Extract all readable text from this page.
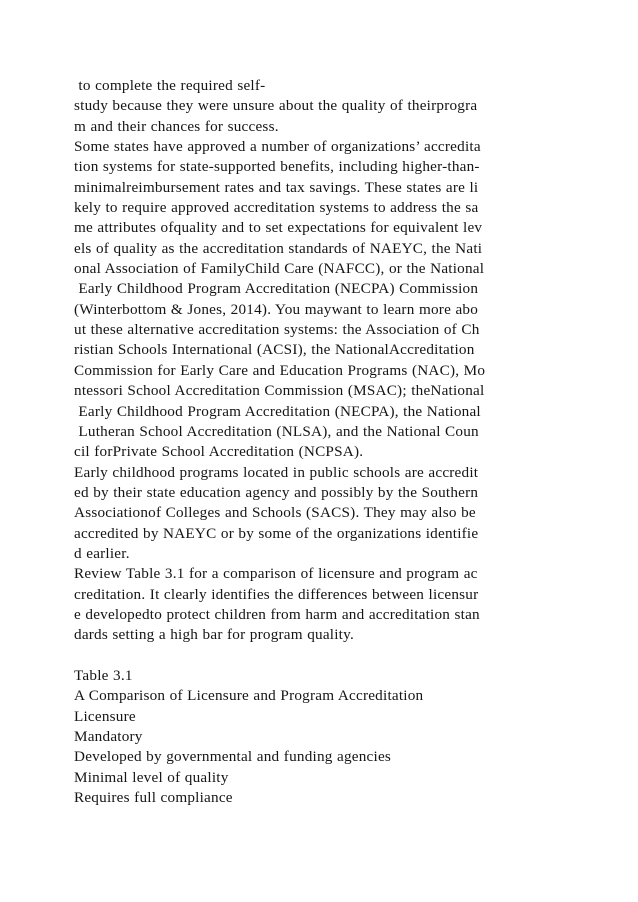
to complete the required self-
study because they were unsure about the quality of theirprogra
m and their chances for success.
Some states have approved a number of organizations’ accredita
tion systems for state-supported benefits, including higher-than-
minimalreimbursement rates and tax savings. These states are li
kely to require approved accreditation systems to address the sa
me attributes ofquality and to set expectations for equivalent lev
els of quality as the accreditation standards of NAEYC, the Nati
onal Association of FamilyChild Care (NAFCC), or the National
Early Childhood Program Accreditation (NECPA) Commission
(Winterbottom & Jones, 2014). You maywant to learn more abo
ut these alternative accreditation systems: the Association of Ch
ristian Schools International (ACSI), the NationalAccreditation
Commission for Early Care and Education Programs (NAC), Mo
ntessori School Accreditation Commission (MSAC); theNational
Early Childhood Program Accreditation (NECPA), the National
Lutheran School Accreditation (NLSA), and the National Coun
cil forPrivate School Accreditation (NCPSA).
Early childhood programs located in public schools are accredit
ed by their state education agency and possibly by the Southern
Associationof Colleges and Schools (SACS). They may also be
accredited by NAEYC or by some of the organizations identifie
d earlier.
Review Table 3.1 for a comparison of licensure and program ac
creditation. It clearly identifies the differences between licensur
e developedto protect children from harm and accreditation stan
dards setting a high bar for program quality.

Table 3.1
A Comparison of Licensure and Program Accreditation
Licensure
Mandatory
Developed by governmental and funding agencies
Minimal level of quality
Requires full compliance
